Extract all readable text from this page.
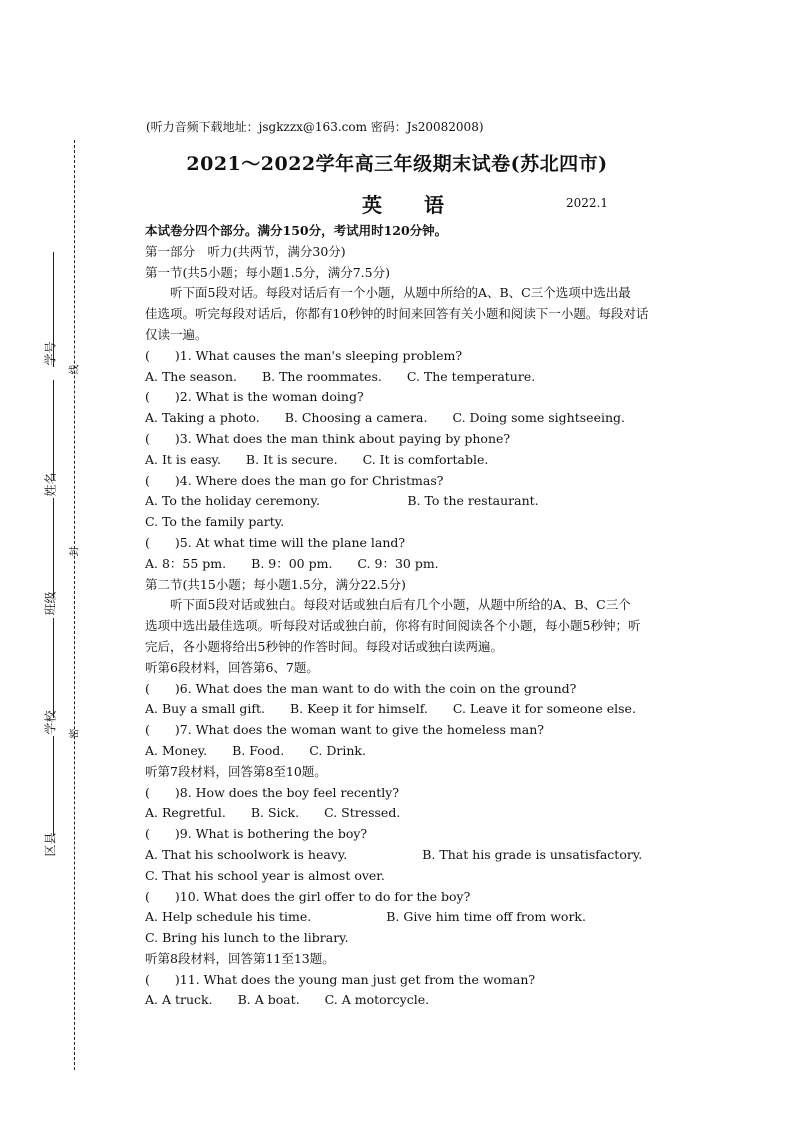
学号
姓名
班级
学校
区县
线
封
密
(听力音频下载地址：jsgkzzx@163.com 密码：Js20082008)
2021～2022学年高三年级期末试卷(苏北四市)
英语	2022.1
本试卷分四个部分。满分150分，考试用时120分钟。
第一部分　听力(共两节，满分30分)
第一节(共5小题；每小题1.5分，满分7.5分)
　　听下面5段对话。每段对话后有一个小题，从题中所给的A、B、C三个选项中选出最
佳选项。听完每段对话后，你都有10秒钟的时间来回答有关小题和阅读下一小题。每段对话
仅读一遍。
(　　)1. What causes the man's sleeping problem?
A. The season.　　B. The roommates.　　C. The temperature.
(　　)2. What is the woman doing?
A. Taking a photo.　　B. Choosing a camera.　　C. Doing some sightseeing.
(　　)3. What does the man think about paying by phone?
A. It is easy.　　B. It is secure.　　C. It is comfortable.
(　　)4. Where does the man go for Christmas?
A. To the holiday ceremony.　　　　　　　B. To the restaurant.
C. To the family party.
(　　)5. At what time will the plane land?
A. 8：55 pm.　　B. 9：00 pm.　　C. 9：30 pm.
第二节(共15小题；每小题1.5分，满分22.5分)
　　听下面5段对话或独白。每段对话或独白后有几个小题，从题中所给的A、B、C三个
选项中选出最佳选项。听每段对话或独白前，你将有时间阅读各个小题，每小题5秒钟；听
完后，各小题将给出5秒钟的作答时间。每段对话或独白读两遍。
听第6段材料，回答第6、7题。
(　　)6. What does the man want to do with the coin on the ground?
A. Buy a small gift.　　B. Keep it for himself.　　C. Leave it for someone else.
(　　)7. What does the woman want to give the homeless man?
A. Money.　　B. Food.　　C. Drink.
听第7段材料，回答第8至10题。
(　　)8. How does the boy feel recently?
A. Regretful.　　B. Sick.　　C. Stressed.
(　　)9. What is bothering the boy?
A. That his schoolwork is heavy.　　　　　　B. That his grade is unsatisfactory.
C. That his school year is almost over.
(　　)10. What does the girl offer to do for the boy?
A. Help schedule his time.　　　　　　B. Give him time off from work.
C. Bring his lunch to the library.
听第8段材料，回答第11至13题。
(　　)11. What does the young man just get from the woman?
A. A truck.　　B. A boat.　　C. A motorcycle.
